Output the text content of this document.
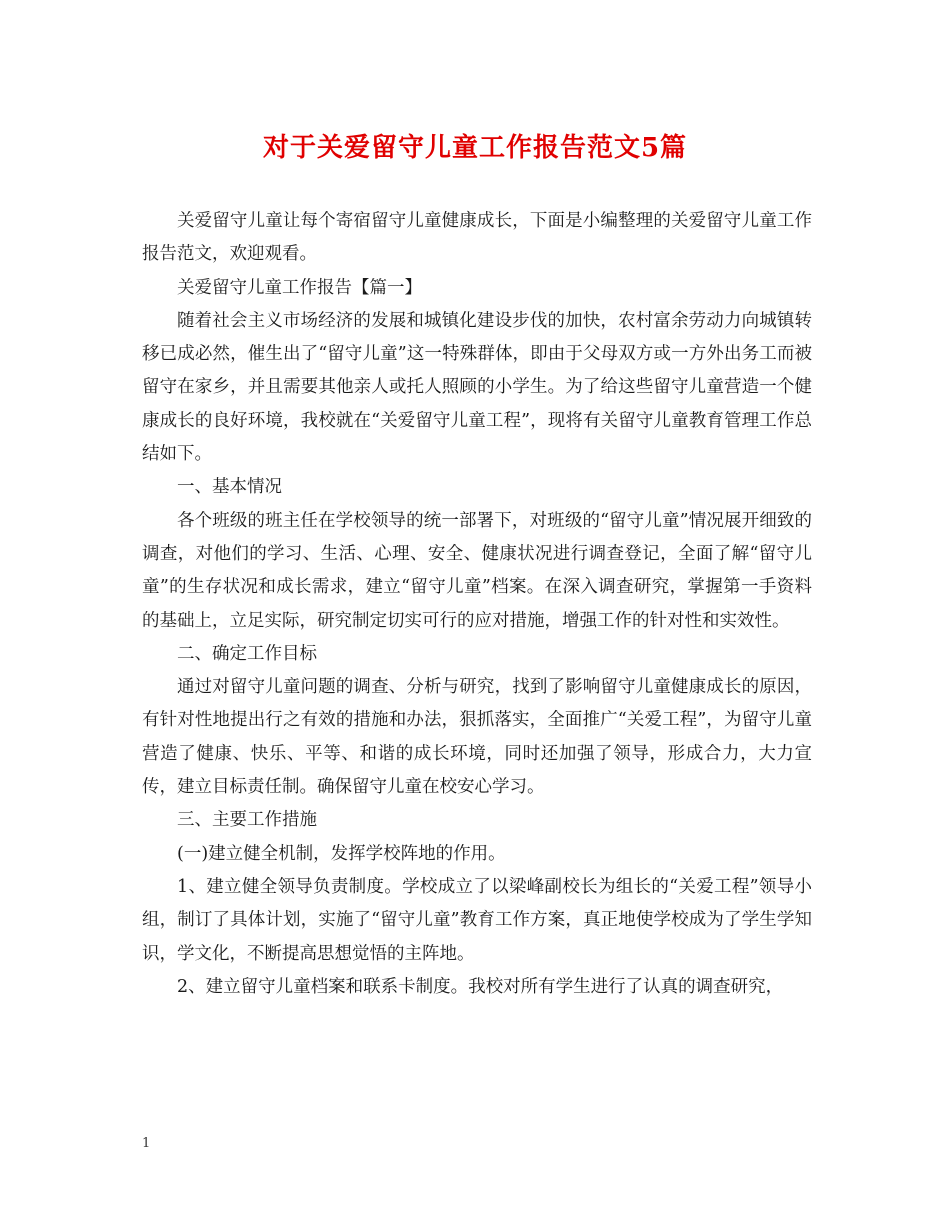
对于关爱留守儿童工作报告范文5篇

关爱留守儿童让每个寄宿留守儿童健康成长，下面是小编整理的关爱留守儿童工作报告范文，欢迎观看。

关爱留守儿童工作报告【篇一】

随着社会主义市场经济的发展和城镇化建设步伐的加快，农村富余劳动力向城镇转移已成必然，催生出了“留守儿童”这一特殊群体，即由于父母双方或一方外出务工而被留守在家乡，并且需要其他亲人或托人照顾的小学生。为了给这些留守儿童营造一个健康成长的良好环境，我校就在“关爱留守儿童工程”，现将有关留守儿童教育管理工作总结如下。

一、基本情况

各个班级的班主任在学校领导的统一部署下，对班级的“留守儿童”情况展开细致的调查，对他们的学习、生活、心理、安全、健康状况进行调查登记，全面了解“留守儿童”的生存状况和成长需求，建立“留守儿童”档案。在深入调查研究，掌握第一手资料的基础上，立足实际，研究制定切实可行的应对措施，增强工作的针对性和实效性。

二、确定工作目标

通过对留守儿童问题的调查、分析与研究，找到了影响留守儿童健康成长的原因，有针对性地提出行之有效的措施和办法，狠抓落实，全面推广“关爱工程”，为留守儿童营造了健康、快乐、平等、和谐的成长环境，同时还加强了领导，形成合力，大力宣传，建立目标责任制。确保留守儿童在校安心学习。

三、主要工作措施

(一)建立健全机制，发挥学校阵地的作用。

1、建立健全领导负责制度。学校成立了以梁峰副校长为组长的“关爱工程”领导小组，制订了具体计划，实施了“留守儿童”教育工作方案，真正地使学校成为了学生学知识，学文化，不断提高思想觉悟的主阵地。

2、建立留守儿童档案和联系卡制度。我校对所有学生进行了认真的调查研究，

1
